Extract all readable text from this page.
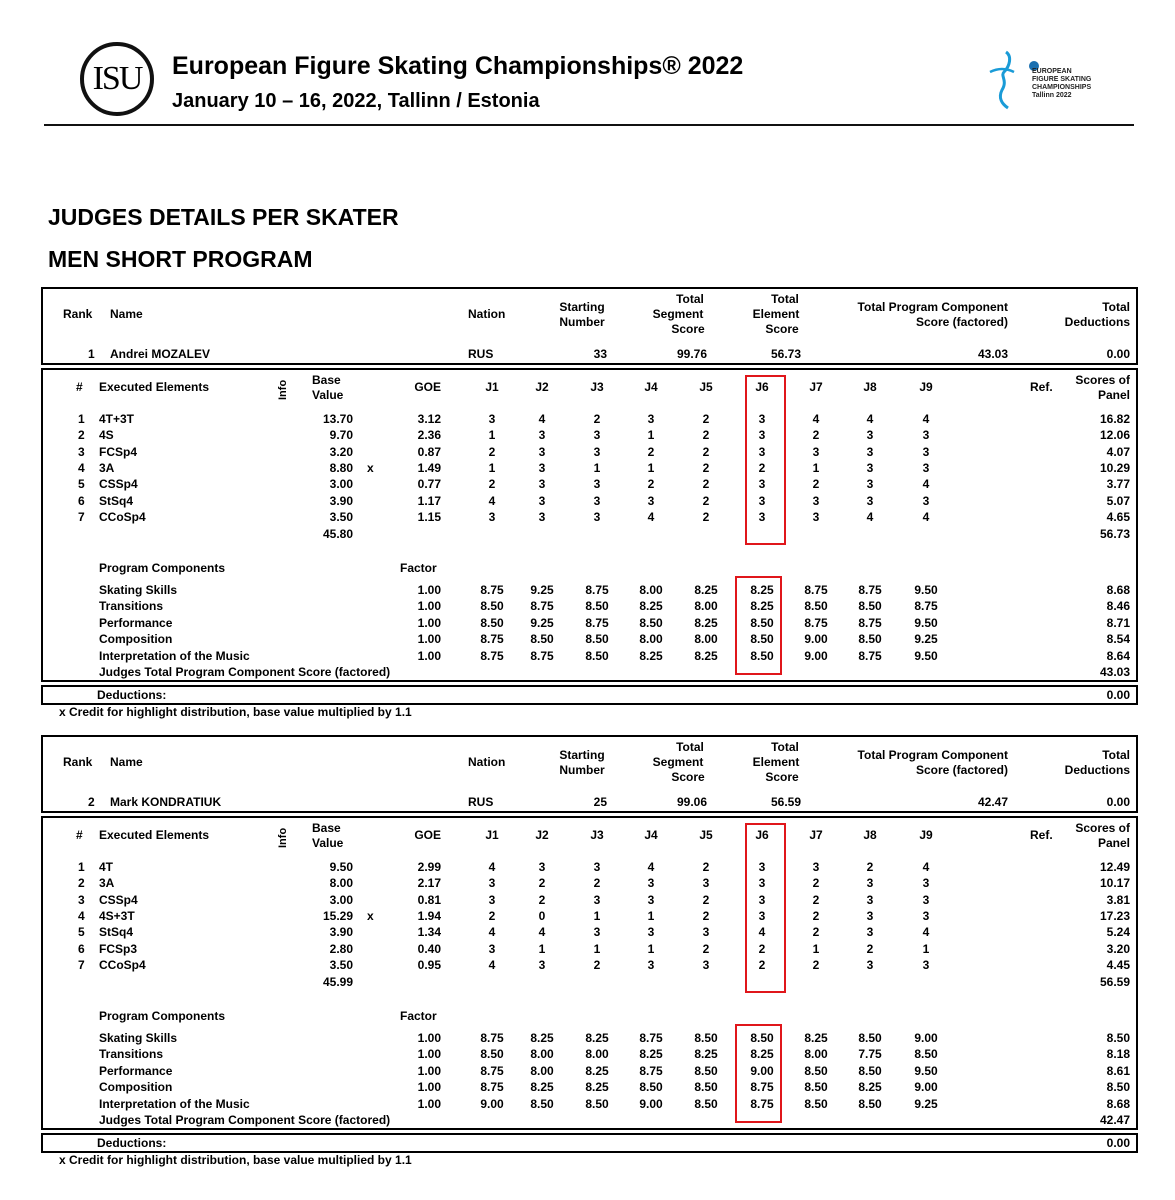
ISU European Figure Skating Championships® 2022
January 10 – 16, 2022, Tallinn / Estonia
EUROPEAN
FIGURE SKATING
CHAMPIONSHIPS
Tallinn 2022
JUDGES DETAILS PER SKATER
MEN SHORT PROGRAM
Rank Name	Nation	Starting
Number
Total
Segment
Score
Total
Element
Score
Total Program Component
Score (factored)
Total
Deductions
1 Andrei MOZALEV	RUS	33	99.76	56.73	43.03	0.00
# Executed Elements	Info Base
Value
GOE	J1	J2	J3	J4	J5	J6	J7	J8	J9	Ref.	Scores of
Panel
1 4T+3T	13.70	3.12	3	4	2	3	2	3	4	4	4	16.82
2 4S	9.70	2.36	1	3	3	1	2	3	2	3	3	12.06
3 FCSp4	3.20	0.87	2	3	3	2	2	3	3	3	3	4.07
4 3A	8.80 x	1.49	1	3	1	1	2	2	1	3	3	10.29
5 CSSp4	3.00	0.77	2	3	3	2	2	3	2	3	4	3.77
6 StSq4	3.90	1.17	4	3	3	3	2	3	3	3	3	5.07
7 CCoSp4	3.50	1.15	3	3	3	4	2	3	3	4	4	4.65
45.80	56.73
Program Components	Factor
Skating Skills	1.00	8.75	9.25	8.75	8.00	8.25	8.25	8.75	8.75	9.50	8.68
Transitions	1.00	8.50	8.75	8.50	8.25	8.00	8.25	8.50	8.50	8.75	8.46
Performance	1.00	8.50	9.25	8.75	8.50	8.25	8.50	8.75	8.75	9.50	8.71
Composition	1.00	8.75	8.50	8.50	8.00	8.00	8.50	9.00	8.50	9.25	8.54
Interpretation of the Music	1.00	8.75	8.75	8.50	8.25	8.25	8.50	9.00	8.75	9.50	8.64
Judges Total Program Component Score (factored)	43.03
Deductions:	0.00
x Credit for highlight distribution, base value multiplied by 1.1
Rank Name	Nation	Starting
Number
Total
Segment
Score
Total
Element
Score
Total Program Component
Score (factored)
Total
Deductions
2 Mark KONDRATIUK	RUS	25	99.06	56.59	42.47	0.00
# Executed Elements	Info Base
Value
GOE	J1	J2	J3	J4	J5	J6	J7	J8	J9	Ref.	Scores of
Panel
1 4T	9.50	2.99	4	3	3	4	2	3	3	2	4	12.49
2 3A	8.00	2.17	3	2	2	3	3	3	2	3	3	10.17
3 CSSp4	3.00	0.81	3	2	3	3	2	3	2	3	3	3.81
4 4S+3T	15.29 x	1.94	2	0	1	1	2	3	2	3	3	17.23
5 StSq4	3.90	1.34	4	4	3	3	3	4	2	3	4	5.24
6 FCSp3	2.80	0.40	3	1	1	1	2	2	1	2	1	3.20
7 CCoSp4	3.50	0.95	4	3	2	3	3	2	2	3	3	4.45
45.99	56.59
Program Components	Factor
Skating Skills	1.00	8.75	8.25	8.25	8.75	8.50	8.50	8.25	8.50	9.00	8.50
Transitions	1.00	8.50	8.00	8.00	8.25	8.25	8.25	8.00	7.75	8.50	8.18
Performance	1.00	8.75	8.00	8.25	8.75	8.50	9.00	8.50	8.50	9.50	8.61
Composition	1.00	8.75	8.25	8.25	8.50	8.50	8.75	8.50	8.25	9.00	8.50
Interpretation of the Music	1.00	9.00	8.50	8.50	9.00	8.50	8.75	8.50	8.50	9.25	8.68
Judges Total Program Component Score (factored)	42.47
Deductions:	0.00
x Credit for highlight distribution, base value multiplied by 1.1
